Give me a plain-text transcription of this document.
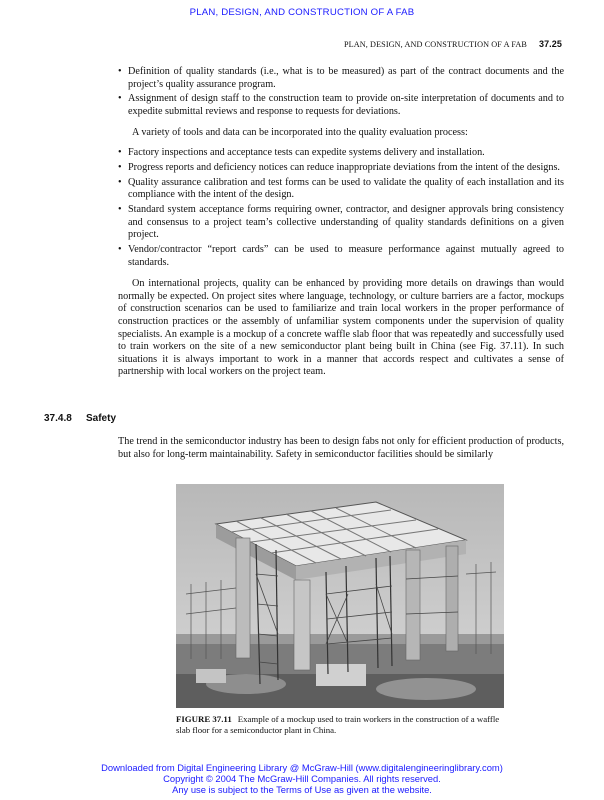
PLAN, DESIGN, AND CONSTRUCTION OF A FAB
PLAN, DESIGN, AND CONSTRUCTION OF A FAB 37.25
• Definition of quality standards (i.e., what is to be measured) as part of the contract documents and the project’s quality assurance program.
• Assignment of design staff to the construction team to provide on-site interpretation of documents and to expedite submittal reviews and response to requests for deviations.

A variety of tools and data can be incorporated into the quality evaluation process:

• Factory inspections and acceptance tests can expedite systems delivery and installation.
• Progress reports and deficiency notices can reduce inappropriate deviations from the intent of the designs.
• Quality assurance calibration and test forms can be used to validate the quality of each installation and its compliance with the intent of the design.
• Standard system acceptance forms requiring owner, contractor, and designer approvals bring consistency and consensus to a project team’s collective understanding of quality standards definitions on a given project.
• Vendor/contractor “report cards” can be used to measure performance against mutually agreed to standards.

On international projects, quality can be enhanced by providing more details on drawings than would normally be expected. On project sites where language, technology, or culture barriers are a factor, mockups of construction scenarios can be used to familiarize and train local workers in the proper performance of construction practices or the assembly of unfamiliar system components under the supervision of quality specialists. An example is a mockup of a concrete waffle slab floor that was repeatedly and successfully used to train workers on the site of a new semiconductor plant being built in China (see Fig. 37.11). In such situations it is always important to work in a manner that accords respect and cultivates a sense of partnership with local workers on the project team.

37.4.8 Safety

The trend in the semiconductor industry has been to design fabs not only for efficient production of products, but also for long-term maintainability. Safety in semiconductor facilities should be similarly

FIGURE 37.11 Example of a mockup used to train workers in the construction of a waffle slab floor for a semiconductor plant in China.
Downloaded from Digital Engineering Library @ McGraw-Hill (www.digitalengineeringlibrary.com)
Copyright © 2004 The McGraw-Hill Companies. All rights reserved.
Any use is subject to the Terms of Use as given at the website.
